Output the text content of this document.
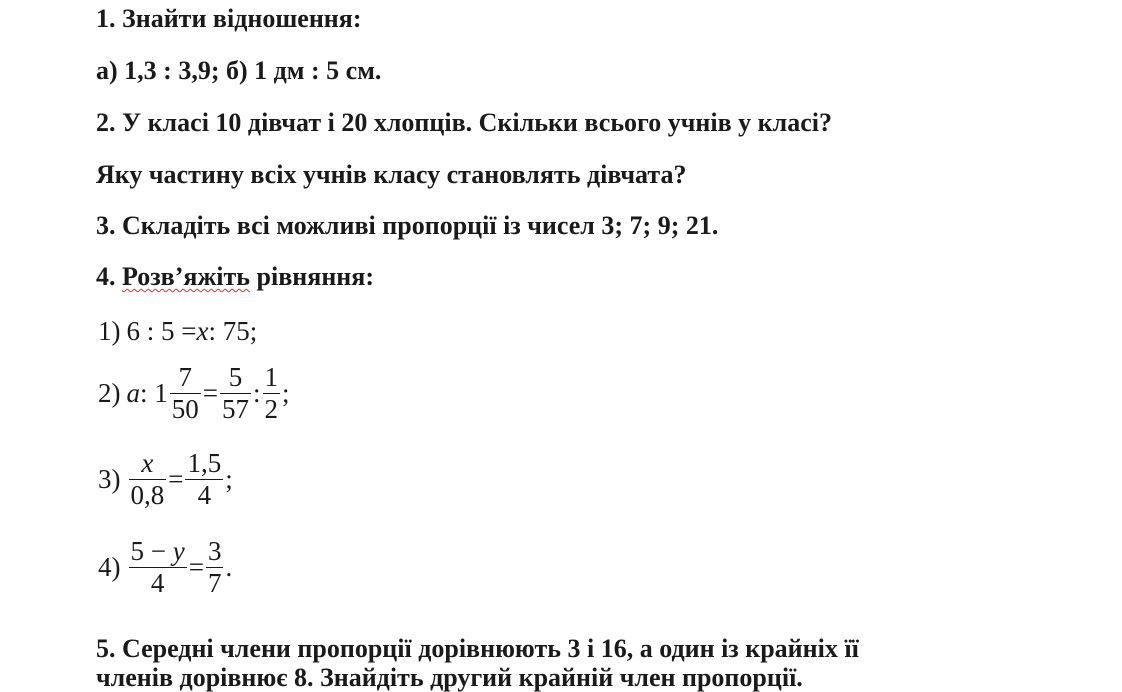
1. Знайти відношення:
а) 1,3 : 3,9; б) 1 дм : 5 см.
2. У класі 10 дівчат і 20 хлопців. Скільки всього учнів у класі?
Яку частину всіх учнів класу становлять дівчата?
3. Складіть всі можливі пропорції із чисел 3; 7; 9; 21.
4. Розв’яжіть рівняння:
1) 6 : 5 = x : 75;
2) a : $1 \frac{7}{50} = \frac{5}{57}$ : $\frac{1}{2}$ ;
$3) \frac{x}{0,8} = \frac{1,5}{4}$ ;
$4) \frac{5 - y}{4} = \frac{3}{7}$ .
5. Середні члени пропорції дорівнюють 3 і 16, а один із крайніх її
членів дорівнює 8. Знайдіть другий крайній член пропорції.
